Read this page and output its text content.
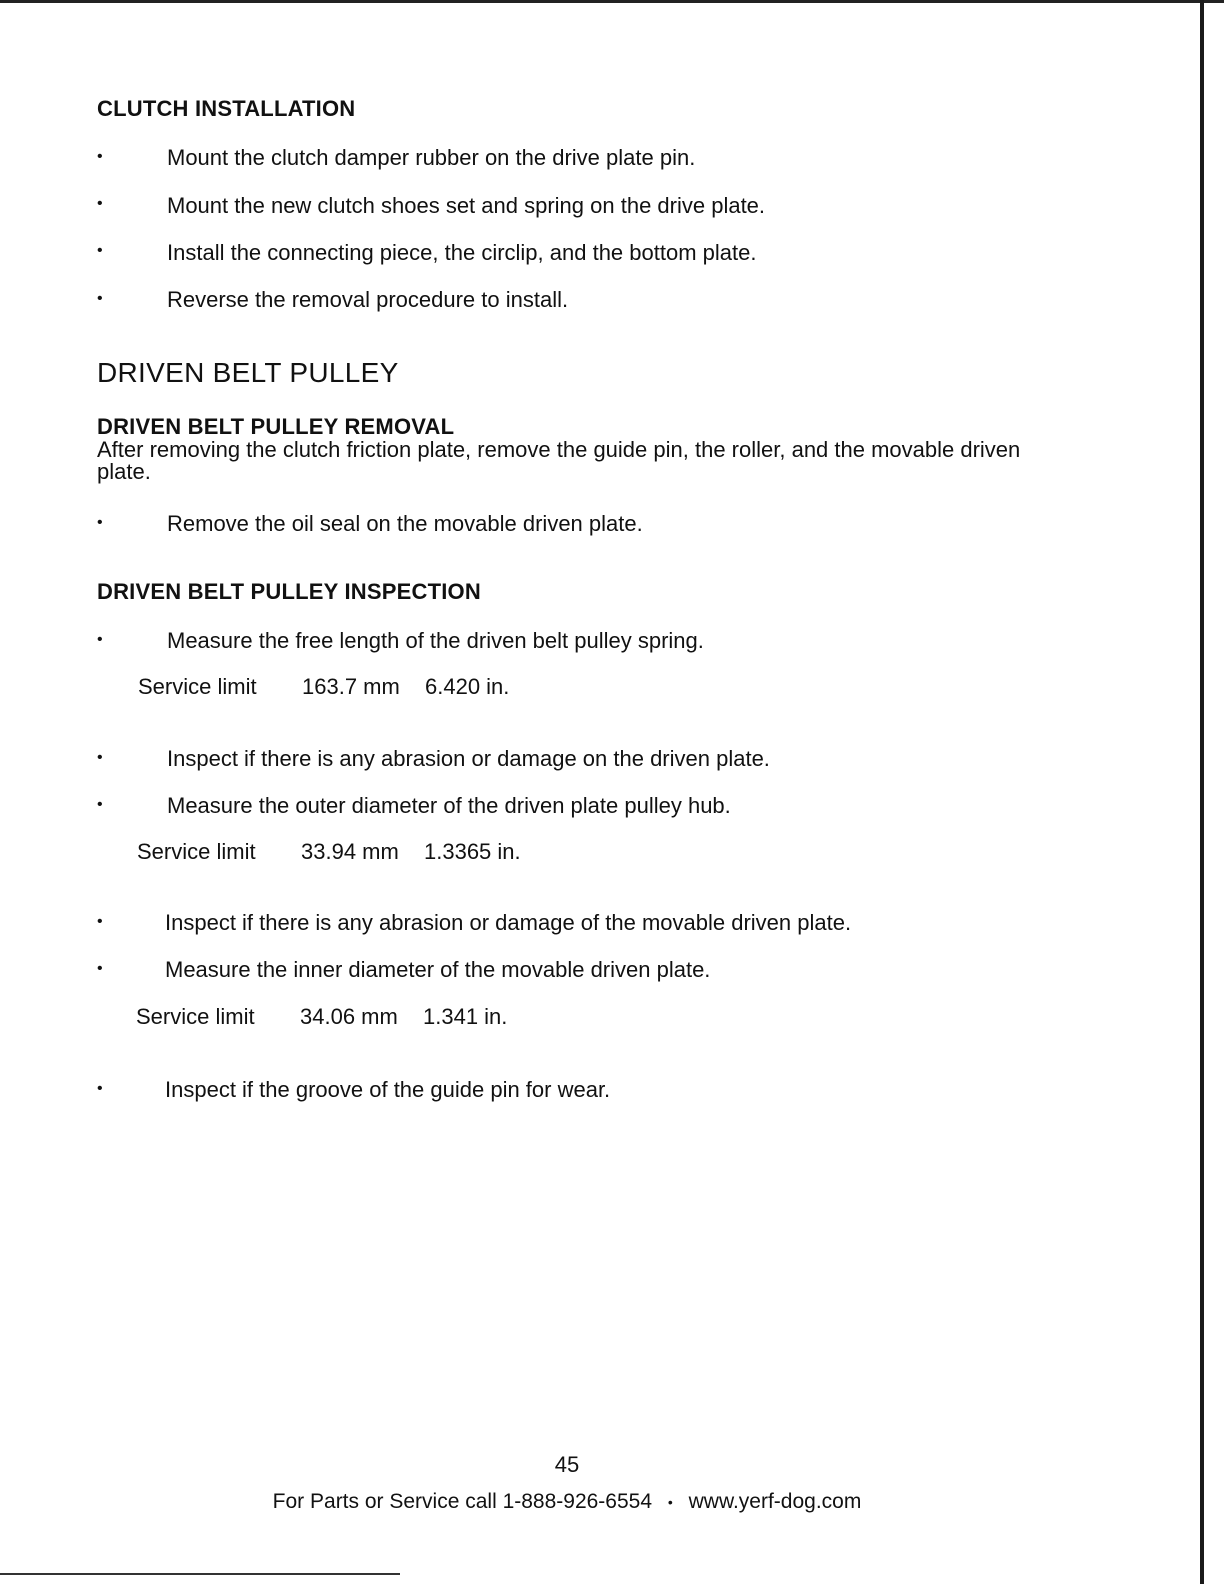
CLUTCH INSTALLATION
•	Mount the clutch damper rubber on the drive plate pin.
•	Mount the new clutch shoes set and spring on the drive plate.
•	Install the connecting piece, the circlip, and the bottom plate.
•	Reverse the removal procedure to install.
DRIVEN BELT PULLEY
DRIVEN BELT PULLEY REMOVAL
After removing the clutch friction plate, remove the guide pin, the roller, and the movable driven plate.
•	Remove the oil seal on the movable driven plate.
DRIVEN BELT PULLEY INSPECTION
•	Measure the free length of the driven belt pulley spring.
Service limit 163.7 mm 6.420 in.
•	Inspect if there is any abrasion or damage on the driven plate.
•	Measure the outer diameter of the driven plate pulley hub.
Service limit 33.94 mm 1.3365 in.
•	Inspect if there is any abrasion or damage of the movable driven plate.
•	Measure the inner diameter of the movable driven plate.
Service limit 34.06 mm 1.341 in.
•	Inspect if the groove of the guide pin for wear.
45
For Parts or Service call 1-888-926-6554 • www.yerf-dog.com
